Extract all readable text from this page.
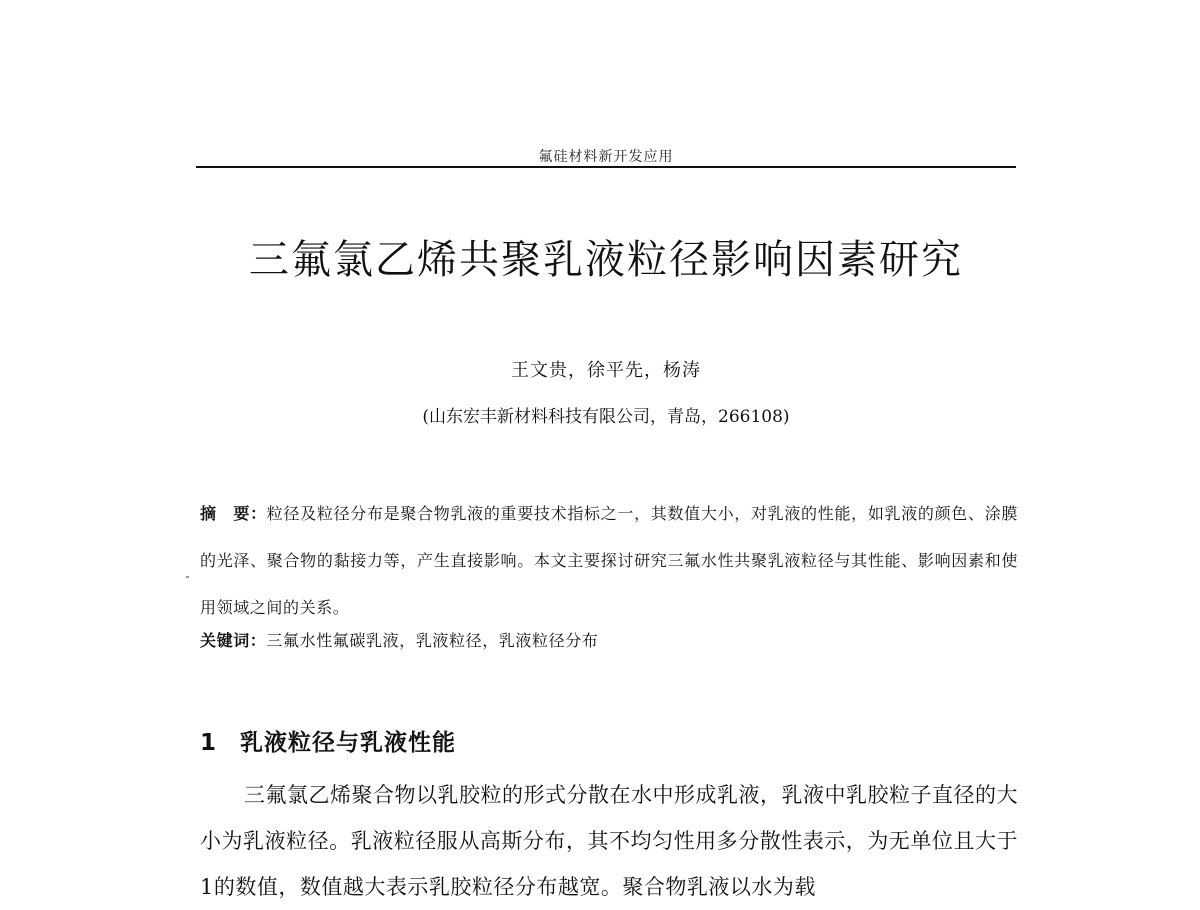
氟硅材料新开发应用
三氟氯乙烯共聚乳液粒径影响因素研究
王文贵，徐平先，杨涛
(山东宏丰新材料科技有限公司，青岛，266108)
摘　要：粒径及粒径分布是聚合物乳液的重要技术指标之一，其数值大小，对乳液的性能，如乳液的颜色、涂膜的光泽、聚合物的黏接力等，产生直接影响。本文主要探讨研究三氟水性共聚乳液粒径与其性能、影响因素和使用领域之间的关系。
关键词：三氟水性氟碳乳液，乳液粒径，乳液粒径分布
1 乳液粒径与乳液性能
三氟氯乙烯聚合物以乳胶粒的形式分散在水中形成乳液，乳液中乳胶粒子直径的大小为乳液粒径。乳液粒径服从高斯分布，其不均匀性用多分散性表示，为无单位且大于1的数值，数值越大表示乳胶粒径分布越宽。聚合物乳液以水为载
